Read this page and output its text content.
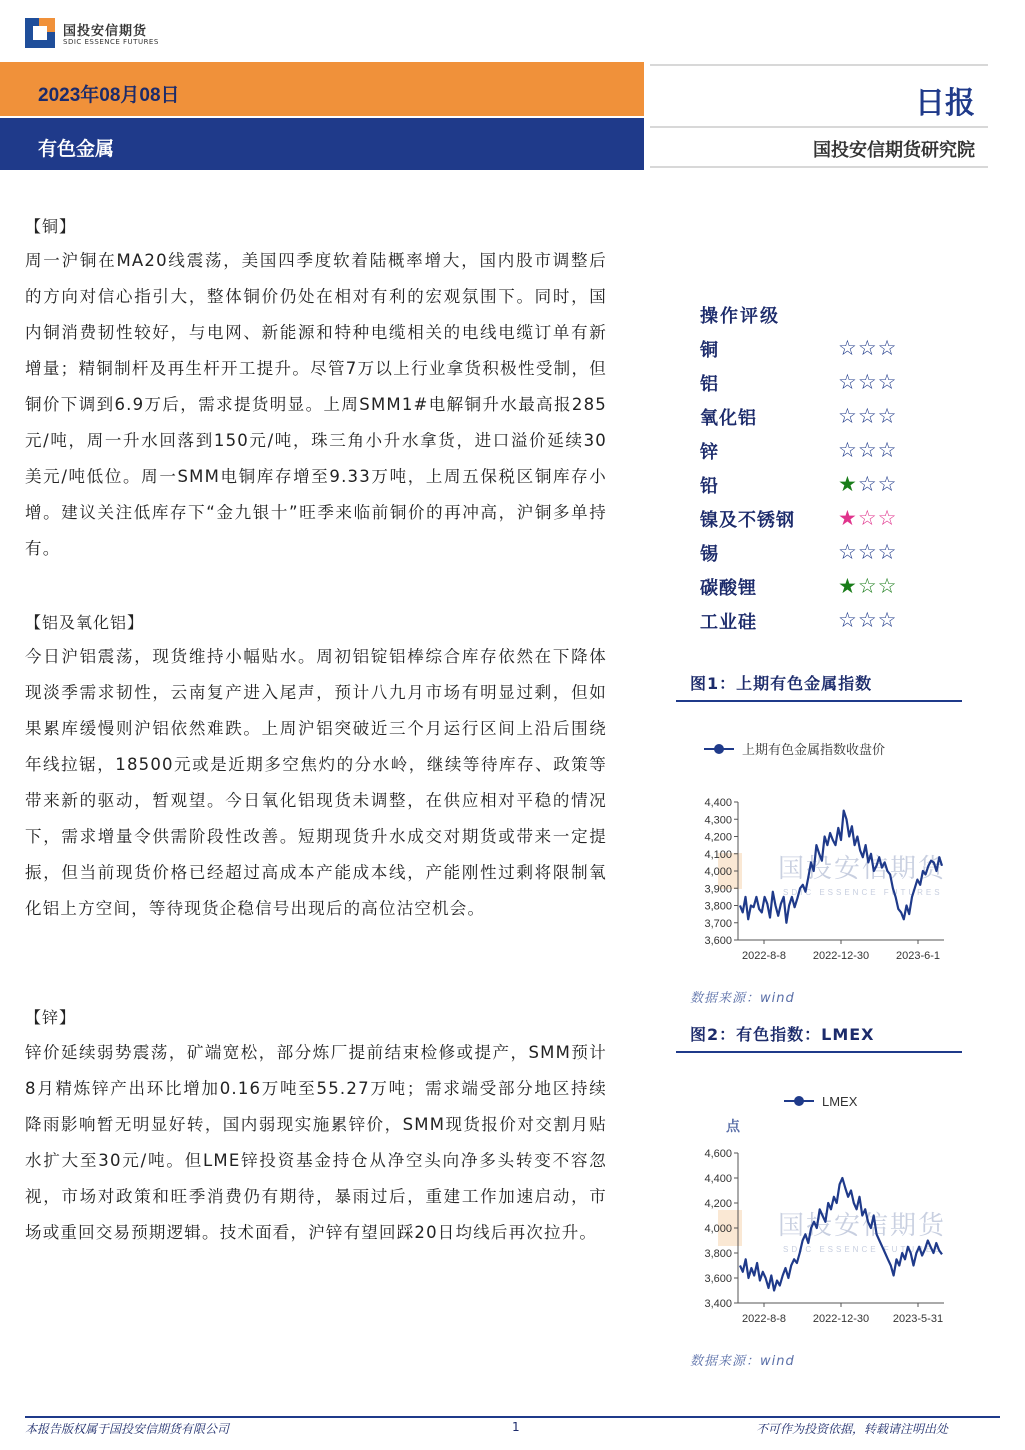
国投安信期货
SDIC ESSENCE FUTURES
2023年08月08日
有色金属
日报
国投安信期货研究院
【铜】
周一沪铜在MA20线震荡，美国四季度软着陆概率增大，国内股市调整后的方向对信心指引大，整体铜价仍处在相对有利的宏观氛围下。同时，国内铜消费韧性较好，与电网、新能源和特种电缆相关的电线电缆订单有新增量；精铜制杆及再生杆开工提升。尽管7万以上行业拿货积极性受制，但铜价下调到6.9万后，需求提货明显。上周SMM1#电解铜升水最高报285元/吨，周一升水回落到150元/吨，珠三角小升水拿货，进口溢价延续30美元/吨低位。周一SMM电铜库存增至9.33万吨，上周五保税区铜库存小增。建议关注低库存下“金九银十”旺季来临前铜价的再冲高，沪铜多单持有。
【铝及氧化铝】
今日沪铝震荡，现货维持小幅贴水。周初铝锭铝棒综合库存依然在下降体现淡季需求韧性，云南复产进入尾声，预计八九月市场有明显过剩，但如果累库缓慢则沪铝依然难跌。上周沪铝突破近三个月运行区间上沿后围绕年线拉锯，18500元或是近期多空焦灼的分水岭，继续等待库存、政策等带来新的驱动，暂观望。今日氧化铝现货未调整，在供应相对平稳的情况下，需求增量令供需阶段性改善。短期现货升水成交对期货或带来一定提振，但当前现货价格已经超过高成本产能成本线，产能刚性过剩将限制氧化铝上方空间，等待现货企稳信号出现后的高位沽空机会。
【锌】
锌价延续弱势震荡，矿端宽松，部分炼厂提前结束检修或提产，SMM预计8月精炼锌产出环比增加0.16万吨至55.27万吨；需求端受部分地区持续降雨影响暂无明显好转，国内弱现实施累锌价，SMM现货报价对交割月贴水扩大至30元/吨。但LME锌投资基金持仓从净空头向净多头转变不容忽视，市场对政策和旺季消费仍有期待，暴雨过后，重建工作加速启动，市场或重回交易预期逻辑。技术面看，沪锌有望回踩20日均线后再次拉升。
操作评级
铜	☆☆☆
铝	☆☆☆
氧化铝	☆☆☆
锌	☆☆☆
铅	★☆☆
镍及不锈钢 ★☆☆
锡	☆☆☆
碳酸锂	★☆☆
工业硅	☆☆☆
图1：上期有色金属指数
上期有色金属指数收盘价
国投安信期货
SDIC ESSENCE FUTURES
3,600
3,700
3,800
3,900
4,000
4,100
4,200
4,300
4,400
2022-8-8 2022-12-30 2023-6-1
数据来源：wind
图2：有色指数：LMEX
LMEX
点
国投安信期货
SDIC ESSENCE FUTURES
3,400
3,600
3,800
4,000
4,200
4,400
4,600
2022-8-8 2022-12-30 2023-5-31
数据来源：wind
本报告版权属于国投安信期货有限公司	1	不可作为投资依据，转载请注明出处
